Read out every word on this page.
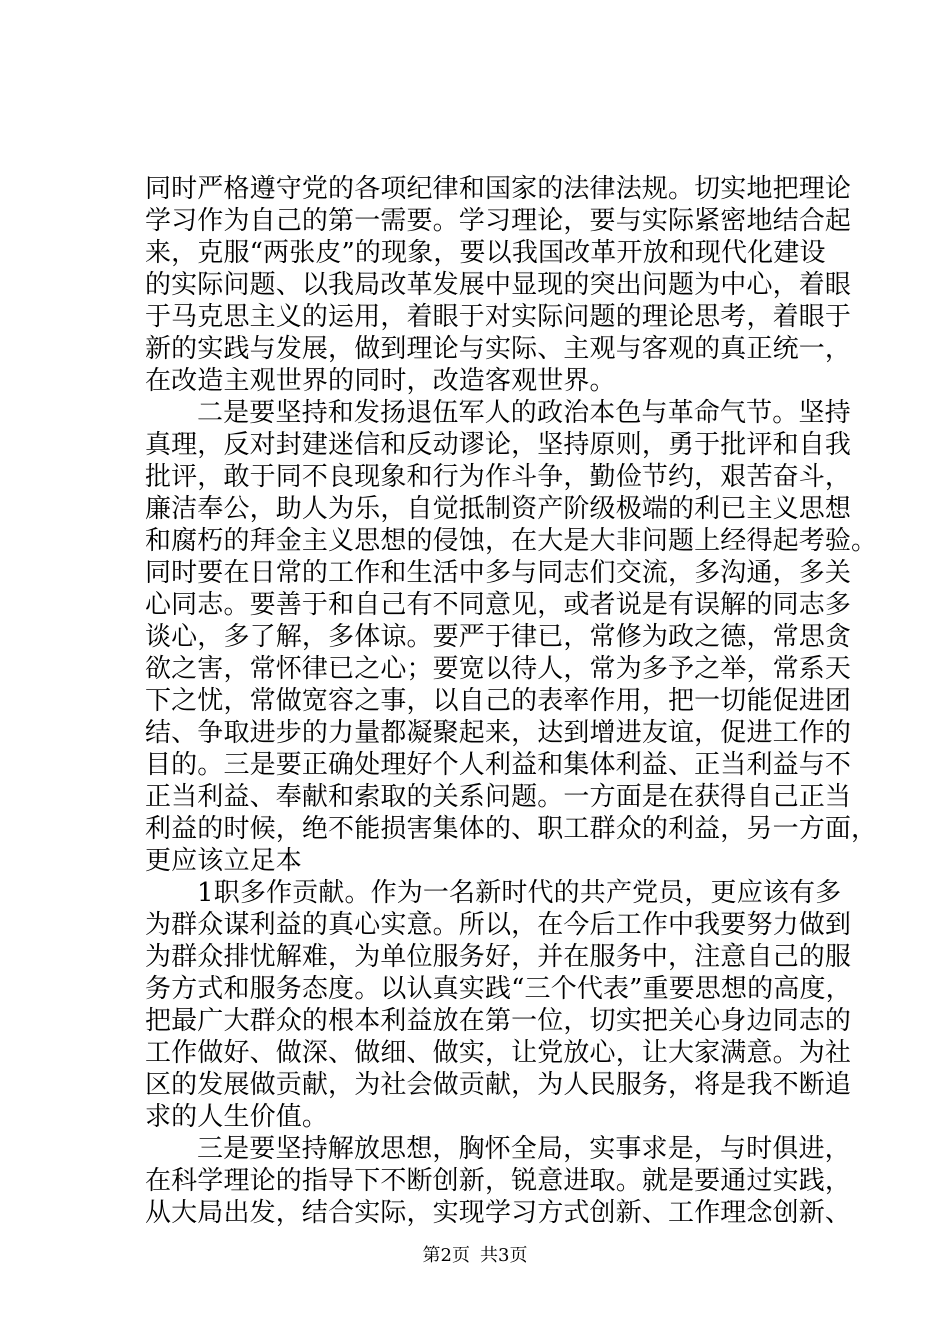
同时严格遵守党的各项纪律和国家的法律法规。切实地把理论
学习作为自己的第一需要。学习理论，要与实际紧密地结合起
来，克服“两张皮”的现象，要以我国改革开放和现代化建设
的实际问题、以我局改革发展中显现的突出问题为中心，着眼
于马克思主义的运用，着眼于对实际问题的理论思考，着眼于
新的实践与发展，做到理论与实际、主观与客观的真正统一，
在改造主观世界的同时，改造客观世界。
二是要坚持和发扬退伍军人的政治本色与革命气节。坚持
真理，反对封建迷信和反动谬论，坚持原则，勇于批评和自我
批评，敢于同不良现象和行为作斗争，勤俭节约，艰苦奋斗，
廉洁奉公，助人为乐，自觉抵制资产阶级极端的利已主义思想
和腐朽的拜金主义思想的侵蚀，在大是大非问题上经得起考验。
同时要在日常的工作和生活中多与同志们交流，多沟通，多关
心同志。要善于和自己有不同意见，或者说是有误解的同志多
谈心，多了解，多体谅。要严于律已，常修为政之德，常思贪
欲之害，常怀律已之心；要宽以待人，常为多予之举，常系天
下之忧，常做宽容之事，以自己的表率作用，把一切能促进团
结、争取进步的力量都凝聚起来，达到增进友谊，促进工作的
目的。三是要正确处理好个人利益和集体利益、正当利益与不
正当利益、奉献和索取的关系问题。一方面是在获得自己正当
利益的时候，绝不能损害集体的、职工群众的利益，另一方面，
更应该立足本
1职多作贡献。作为一名新时代的共产党员，更应该有多
为群众谋利益的真心实意。所以，在今后工作中我要努力做到
为群众排忧解难，为单位服务好，并在服务中，注意自己的服
务方式和服务态度。以认真实践“三个代表”重要思想的高度，
把最广大群众的根本利益放在第一位，切实把关心身边同志的
工作做好、做深、做细、做实，让党放心，让大家满意。为社
区的发展做贡献，为社会做贡献，为人民服务，将是我不断追
求的人生价值。
三是要坚持解放思想，胸怀全局，实事求是，与时俱进，
在科学理论的指导下不断创新，锐意进取。就是要通过实践，
从大局出发，结合实际，实现学习方式创新、工作理念创新、
第2页 共3页
